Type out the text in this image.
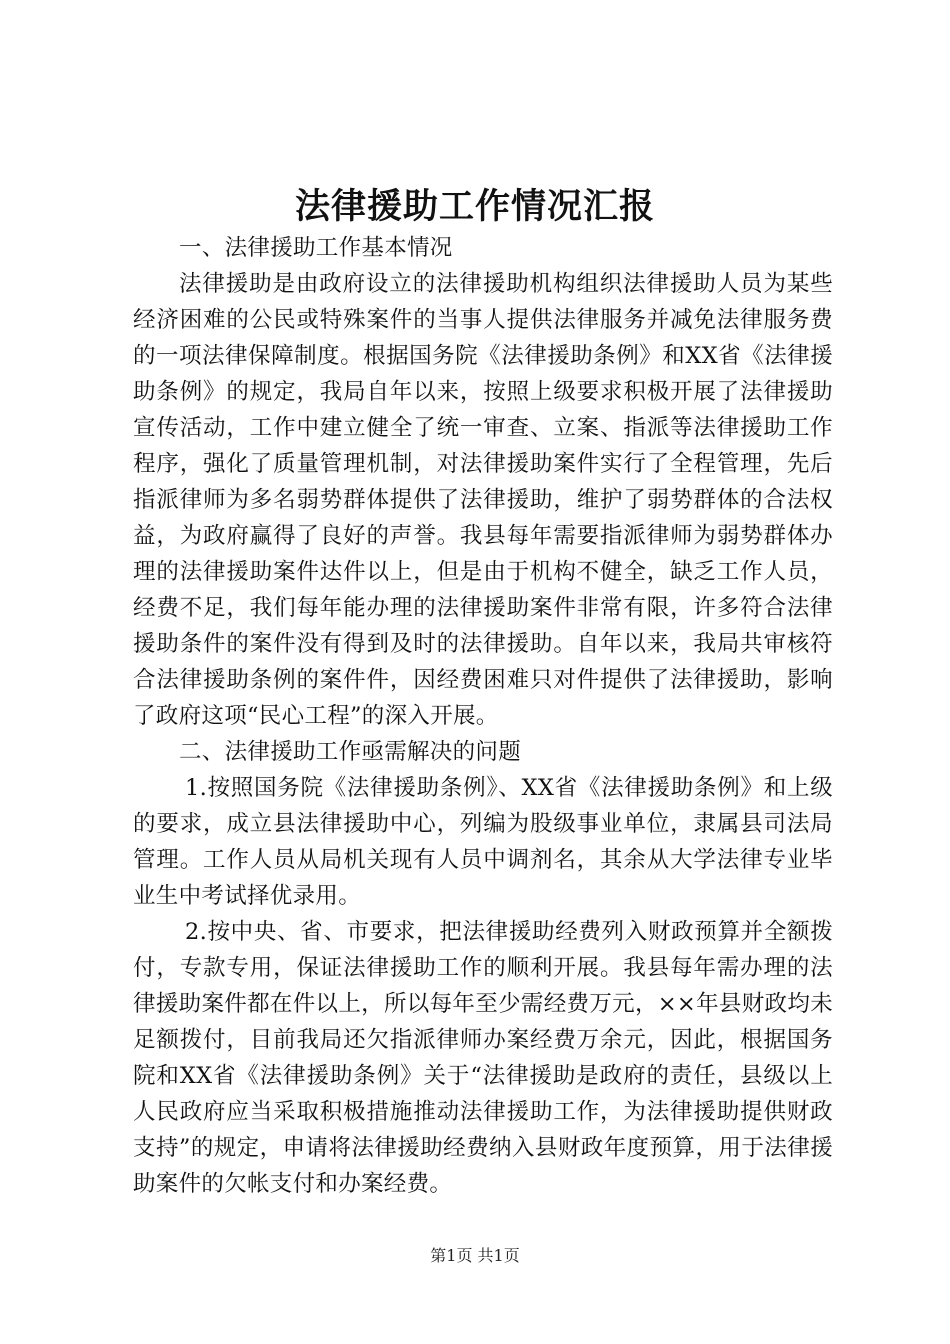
法律援助工作情况汇报

一、法律援助工作基本情况

法律援助是由政府设立的法律援助机构组织法律援助人员为某些经济困难的公民或特殊案件的当事人提供法律服务并减免法律服务费的一项法律保障制度。根据国务院《法律援助条例》和XX省《法律援助条例》的规定，我局自年以来，按照上级要求积极开展了法律援助宣传活动，工作中建立健全了统一审查、立案、指派等法律援助工作程序，强化了质量管理机制，对法律援助案件实行了全程管理，先后指派律师为多名弱势群体提供了法律援助，维护了弱势群体的合法权益，为政府赢得了良好的声誉。我县每年需要指派律师为弱势群体办理的法律援助案件达件以上，但是由于机构不健全，缺乏工作人员，经费不足，我们每年能办理的法律援助案件非常有限，许多符合法律援助条件的案件没有得到及时的法律援助。自年以来，我局共审核符合法律援助条例的案件件，因经费困难只对件提供了法律援助，影响了政府这项“民心工程”的深入开展。

二、法律援助工作亟需解决的问题

1.按照国务院《法律援助条例》、XX省《法律援助条例》和上级的要求，成立县法律援助中心，列编为股级事业单位，隶属县司法局管理。工作人员从局机关现有人员中调剂名，其余从大学法律专业毕业生中考试择优录用。

2.按中央、省、市要求，把法律援助经费列入财政预算并全额拨付，专款专用，保证法律援助工作的顺利开展。我县每年需办理的法律援助案件都在件以上，所以每年至少需经费万元，××年县财政均未足额拨付，目前我局还欠指派律师办案经费万余元，因此，根据国务院和XX省《法律援助条例》关于“法律援助是政府的责任，县级以上人民政府应当采取积极措施推动法律援助工作，为法律援助提供财政支持”的规定，申请将法律援助经费纳入县财政年度预算，用于法律援助案件的欠帐支付和办案经费。

第1页 共1页
